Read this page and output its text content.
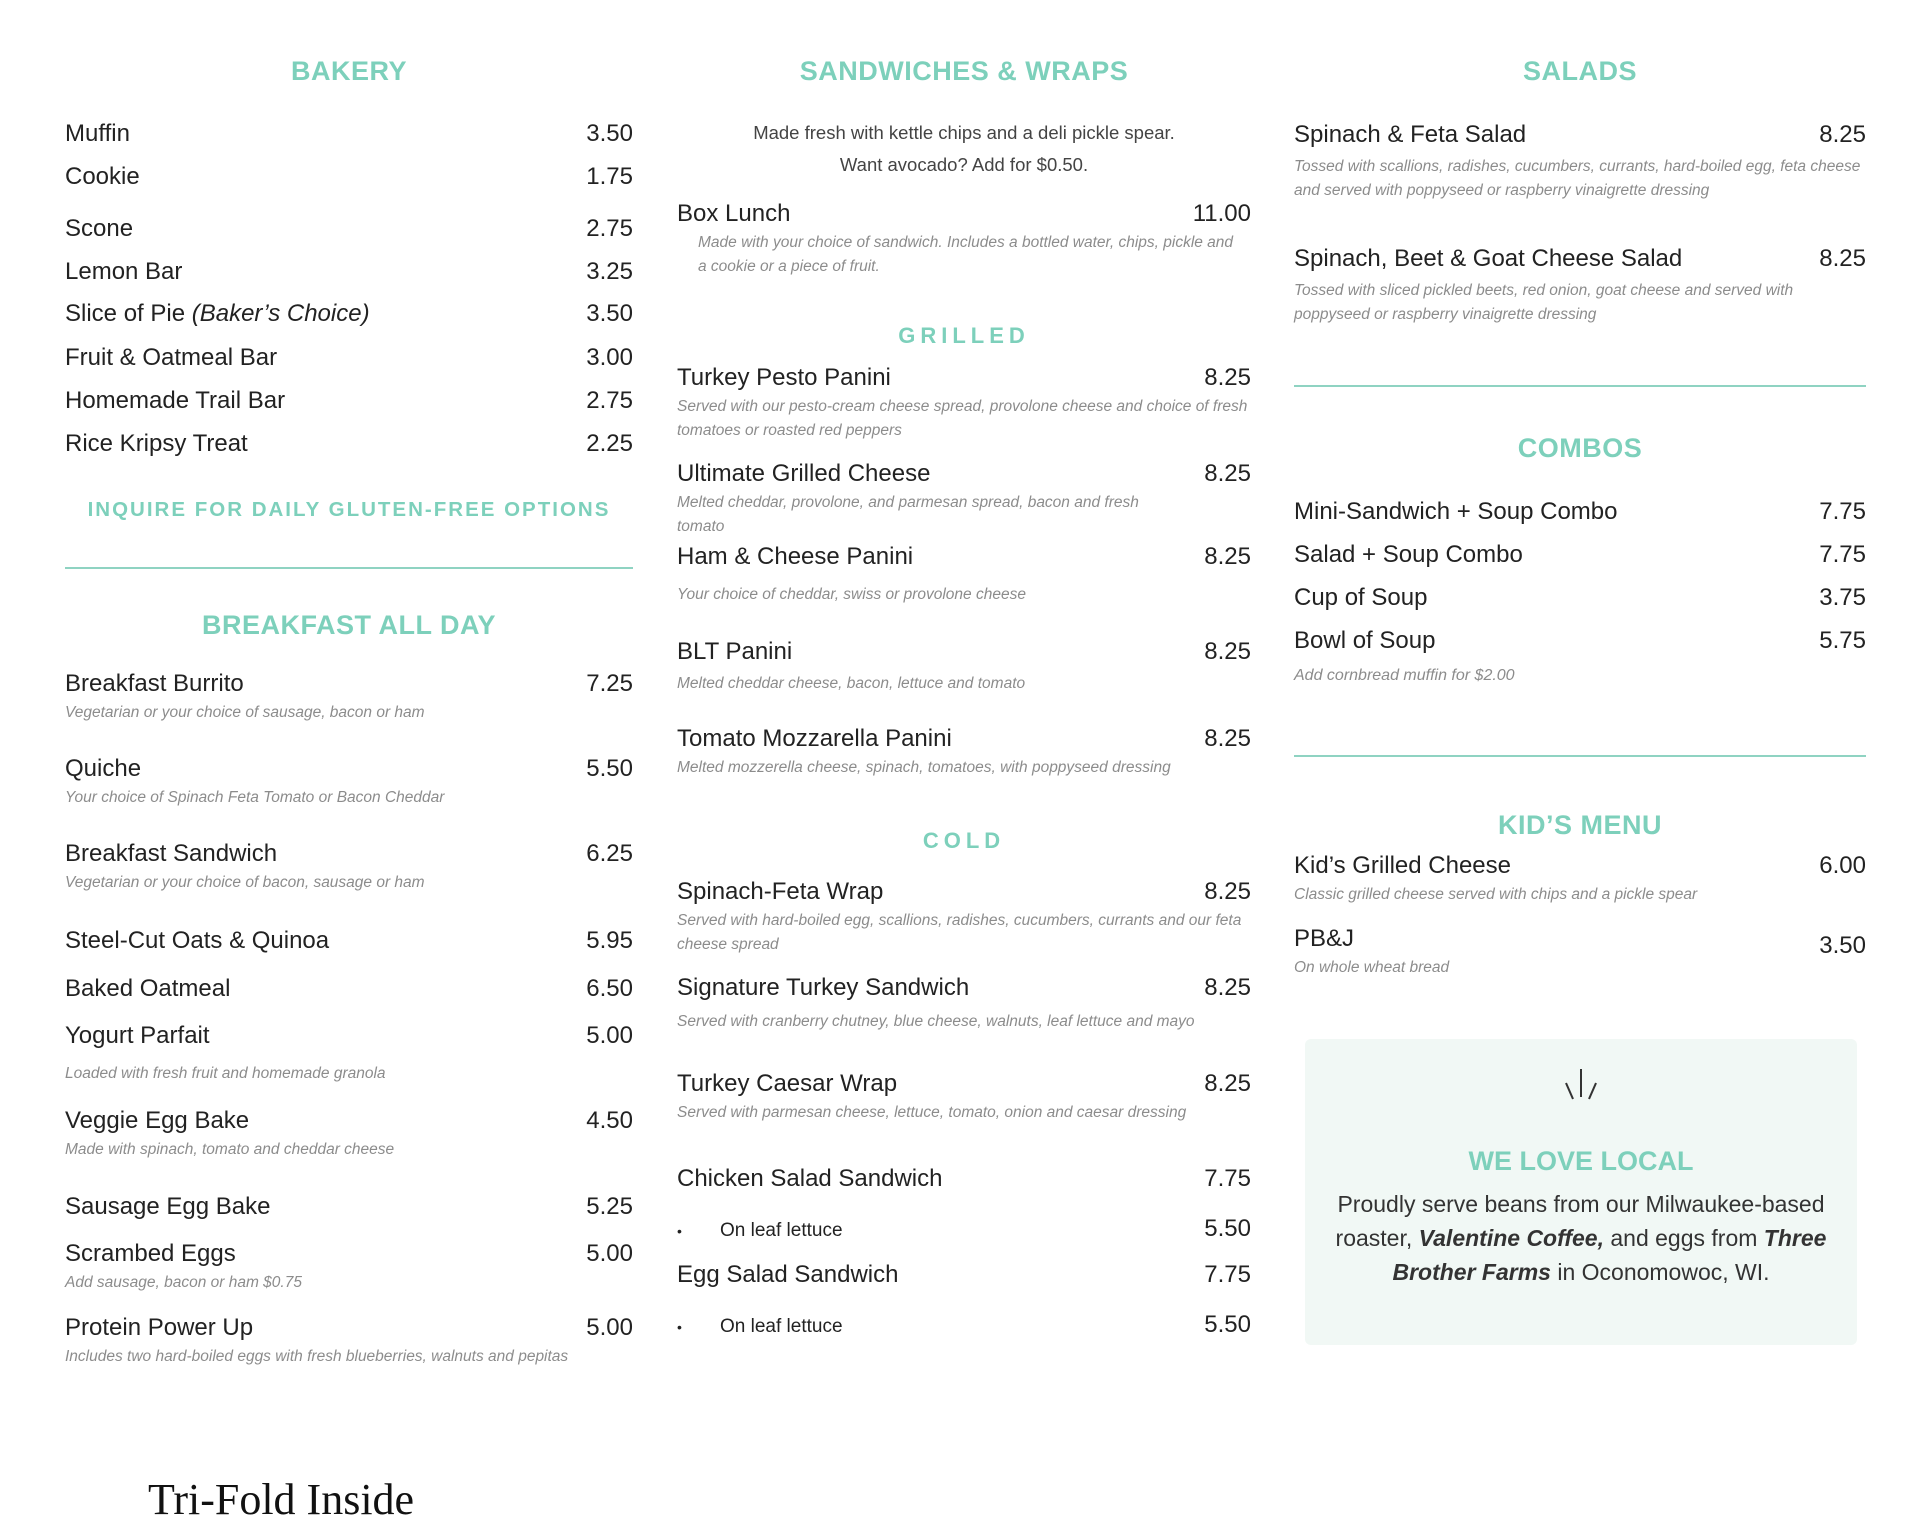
BAKERY
Muffin	3.50
Cookie	1.75
Scone	2.75
Lemon Bar	3.25
Slice of Pie (Baker’s Choice)	3.50
Fruit & Oatmeal Bar	3.00
Homemade Trail Bar	2.75
Rice Kripsy Treat	2.25
INQUIRE FOR DAILY GLUTEN-FREE OPTIONS
BREAKFAST ALL DAY
Breakfast Burrito	7.25
Vegetarian or your choice of sausage, bacon or ham
Quiche	5.50
Your choice of Spinach Feta Tomato or Bacon Cheddar
Breakfast Sandwich	6.25
Vegetarian or your choice of bacon, sausage or ham
Steel-Cut Oats & Quinoa	5.95
Baked Oatmeal	6.50
Yogurt Parfait	5.00
Loaded with fresh fruit and homemade granola
Veggie Egg Bake	4.50
Made with spinach, tomato and cheddar cheese
Sausage Egg Bake	5.25
Scrambed Eggs	5.00
Add sausage, bacon or ham $0.75
Protein Power Up	5.00
Includes two hard-boiled eggs with fresh blueberries, walnuts and pepitas
SANDWICHES & WRAPS
Made fresh with kettle chips and a deli pickle spear.
Want avocado? Add for $0.50.
Box Lunch	11.00
Made with your choice of sandwich. Includes a bottled water, chips, pickle and a cookie or a piece of fruit.
GRILLED
Turkey Pesto Panini	8.25
Served with our pesto-cream cheese spread, provolone cheese and choice of fresh tomatoes or roasted red peppers
Ultimate Grilled Cheese	8.25
Melted cheddar, provolone, and parmesan spread, bacon and fresh tomato
Ham & Cheese Panini	8.25
Your choice of cheddar, swiss or provolone cheese
BLT Panini	8.25
Melted cheddar cheese, bacon, lettuce and tomato
Tomato Mozzarella Panini	8.25
Melted mozzerella cheese, spinach, tomatoes, with poppyseed dressing
COLD
Spinach-Feta Wrap	8.25
Served with hard-boiled egg, scallions, radishes, cucumbers, currants and our feta cheese spread
Signature Turkey Sandwich	8.25
Served with cranberry chutney, blue cheese, walnuts, leaf lettuce and mayo
Turkey Caesar Wrap	8.25
Served with parmesan cheese, lettuce, tomato, onion and caesar dressing
Chicken Salad Sandwich	7.75
• On leaf lettuce	5.50
Egg Salad Sandwich	7.75
• On leaf lettuce	5.50
SALADS
Spinach & Feta Salad	8.25
Tossed with scallions, radishes, cucumbers, currants, hard-boiled egg, feta cheese and served with poppyseed or raspberry vinaigrette dressing
Spinach, Beet & Goat Cheese Salad	8.25
Tossed with sliced pickled beets, red onion, goat cheese and served with poppyseed or raspberry vinaigrette dressing
COMBOS
Mini-Sandwich + Soup Combo	7.75
Salad + Soup Combo	7.75
Cup of Soup	3.75
Bowl of Soup	5.75
Add cornbread muffin for $2.00
KID’S MENU
Kid’s Grilled Cheese	6.00
Classic grilled cheese served with chips and a pickle spear
PB&J	3.50
On whole wheat bread
WE LOVE LOCAL
Proudly serve beans from our Milwaukee-based roaster, Valentine Coffee, and eggs from Three Brother Farms in Oconomowoc, WI.
Tri-Fold Inside
